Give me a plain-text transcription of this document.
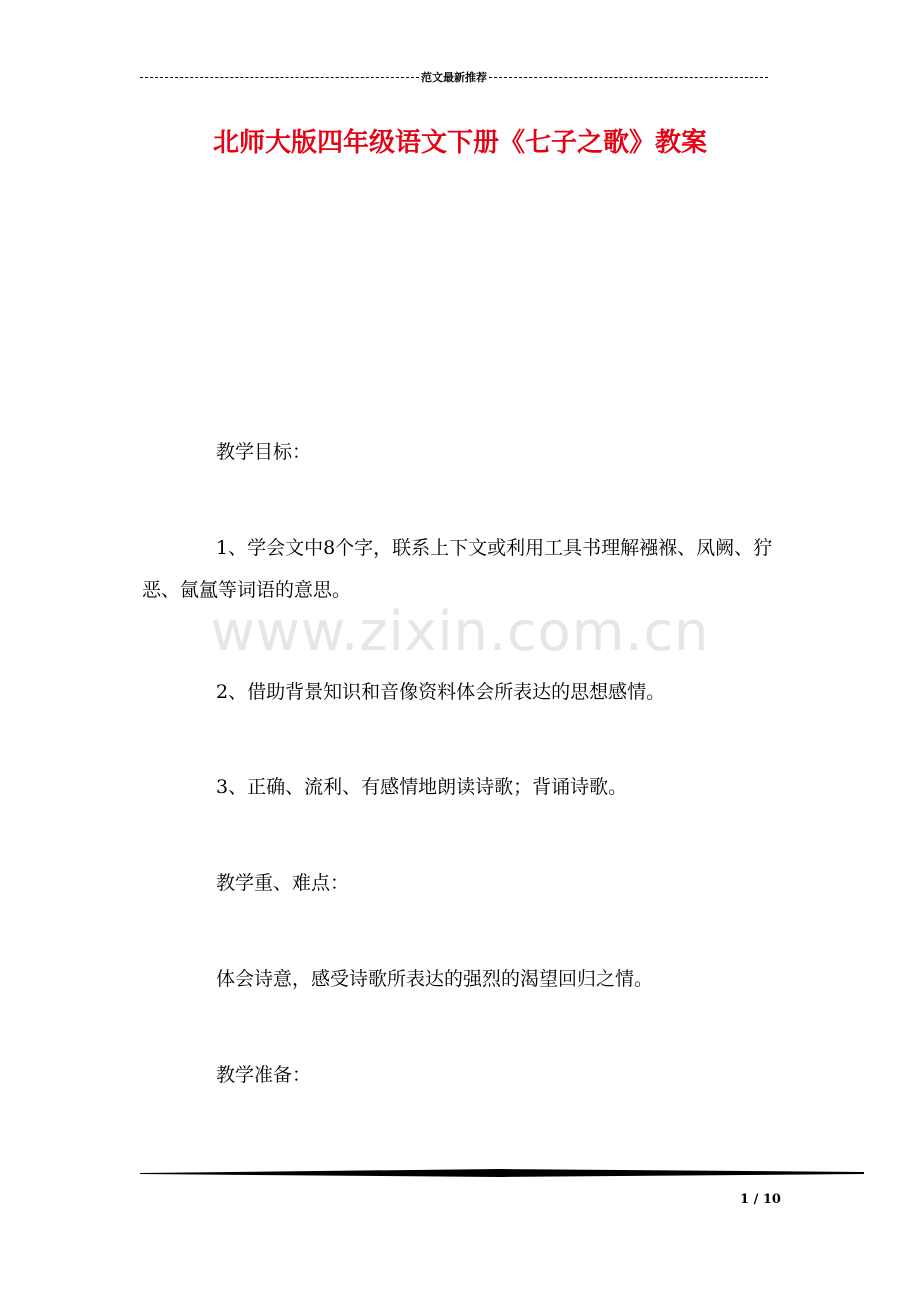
范文最新推荐
北师大版四年级语文下册《七子之歌》教案
www.zixin.com.cn

教学目标：

1、学会文中8个字，联系上下文或利用工具书理解襁褓、凤阙、狞恶、氤氲等词语的意思。

2、借助背景知识和音像资料体会所表达的思想感情。

3、正确、流利、有感情地朗读诗歌；背诵诗歌。

教学重、难点：

体会诗意，感受诗歌所表达的强烈的渴望回归之情。

教学准备：

1 / 10
